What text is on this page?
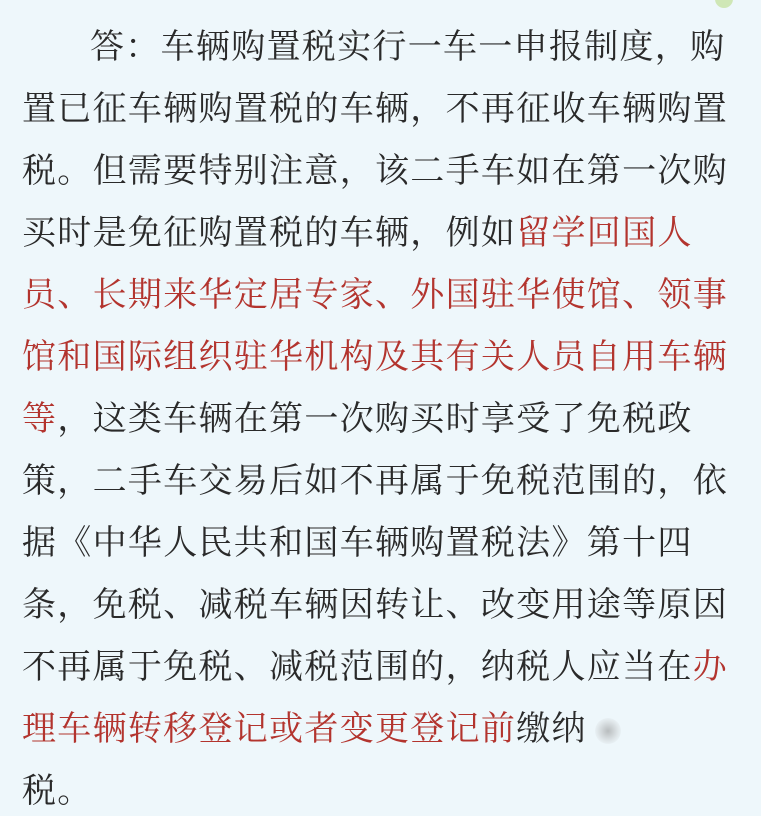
答：车辆购置税实行一车一申报制度，购
置已征车辆购置税的车辆，不再征收车辆购置
税。但需要特别注意，该二手车如在第一次购
买时是免征购置税的车辆，例如留学回国人
员、长期来华定居专家、外国驻华使馆、领事
馆和国际组织驻华机构及其有关人员自用车辆
等，这类车辆在第一次购买时享受了免税政
策，二手车交易后如不再属于免税范围的，依
据《中华人民共和国车辆购置税法》第十四
条，免税、减税车辆因转让、改变用途等原因
不再属于免税、减税范围的，纳税人应当在办
理车辆转移登记或者变更登记前缴纳
税。
